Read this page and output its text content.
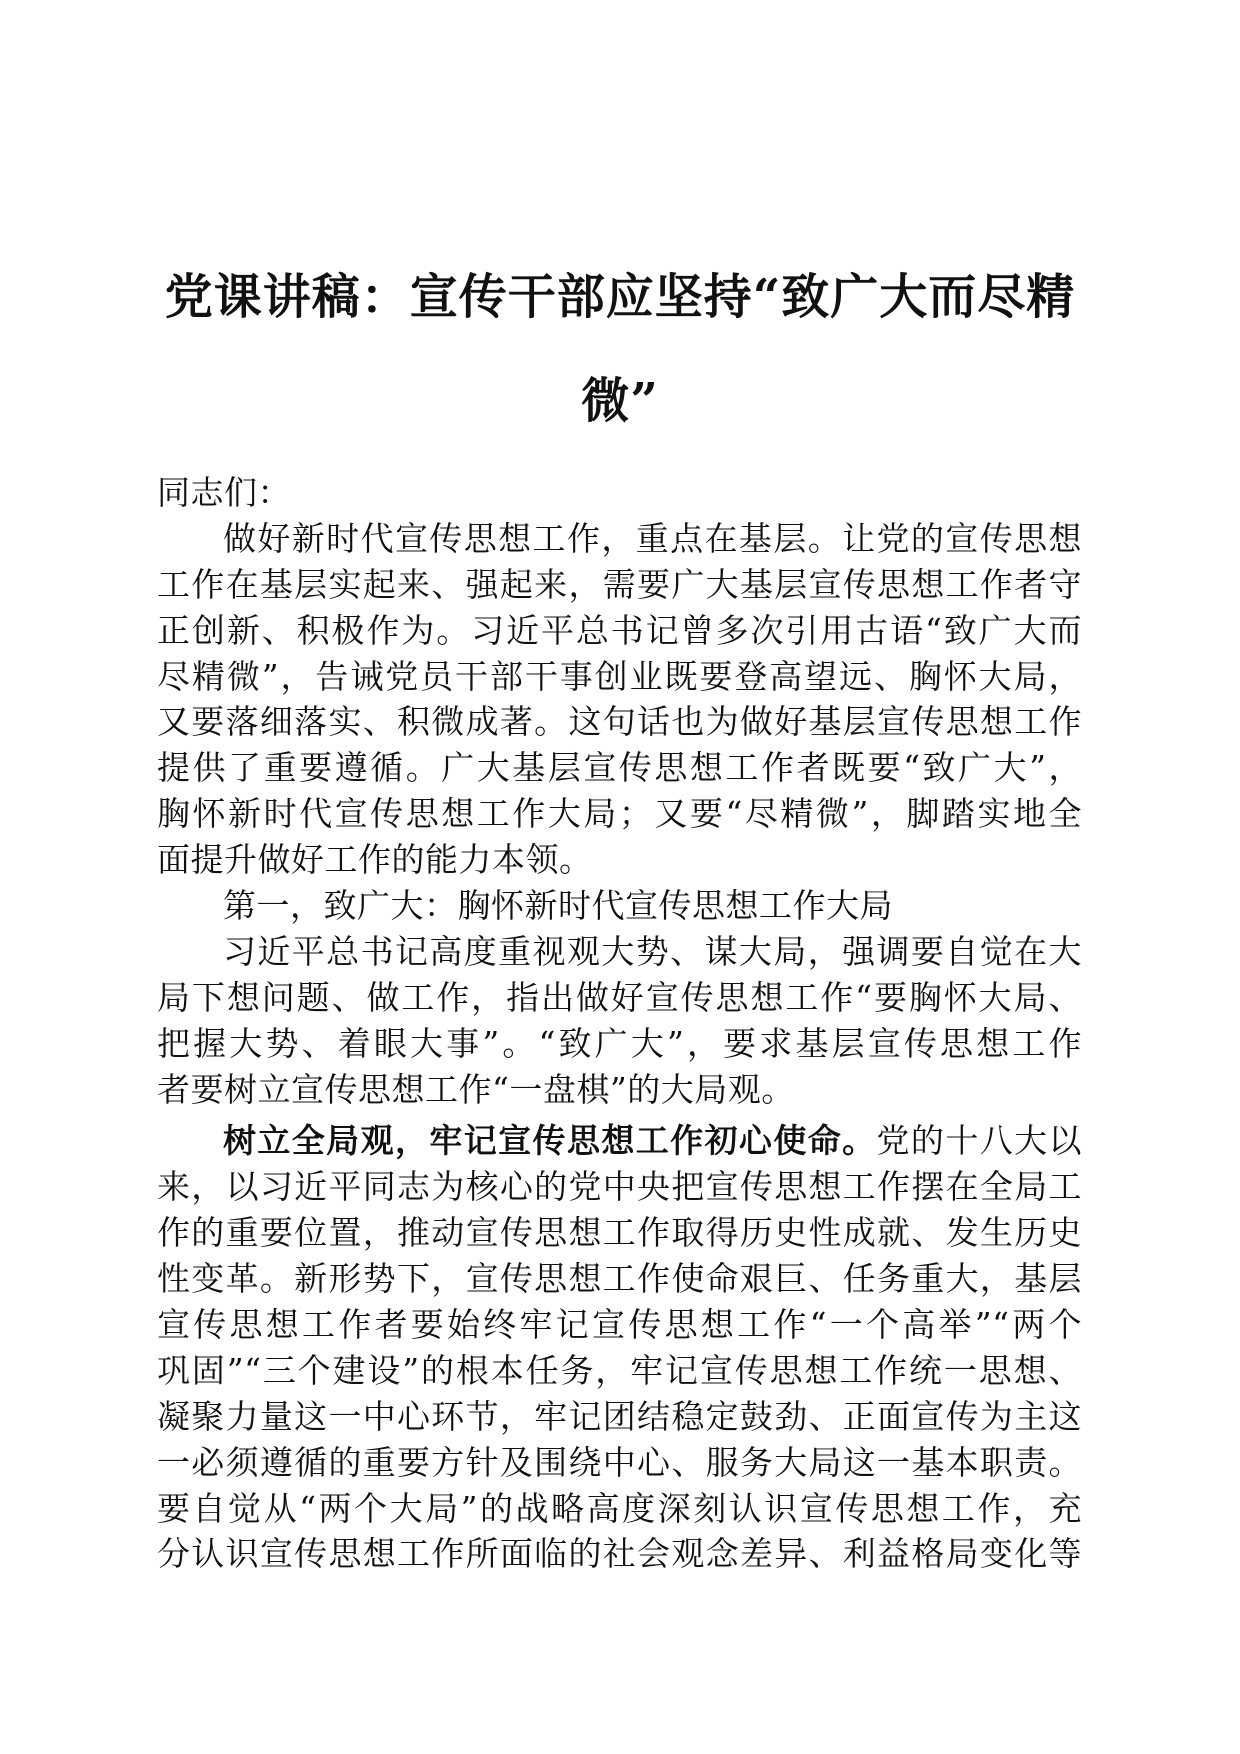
党课讲稿：宣传干部应坚持“致广大而尽精
微”
同志们：
做好新时代宣传思想工作，重点在基层。让党的宣传思想
工作在基层实起来、强起来，需要广大基层宣传思想工作者守
正创新、积极作为。习近平总书记曾多次引用古语“致广大而
尽精微”，告诫党员干部干事创业既要登高望远、胸怀大局，
又要落细落实、积微成著。这句话也为做好基层宣传思想工作
提供了重要遵循。广大基层宣传思想工作者既要“致广大”，
胸怀新时代宣传思想工作大局；又要“尽精微”，脚踏实地全
面提升做好工作的能力本领。
第一，致广大：胸怀新时代宣传思想工作大局
习近平总书记高度重视观大势、谋大局，强调要自觉在大
局下想问题、做工作，指出做好宣传思想工作“要胸怀大局、
把握大势、着眼大事”。“致广大”，要求基层宣传思想工作
者要树立宣传思想工作“一盘棋”的大局观。
树立全局观，牢记宣传思想工作初心使命。党的十八大以
来，以习近平同志为核心的党中央把宣传思想工作摆在全局工
作的重要位置，推动宣传思想工作取得历史性成就、发生历史
性变革。新形势下，宣传思想工作使命艰巨、任务重大，基层
宣传思想工作者要始终牢记宣传思想工作“一个高举”“两个
巩固”“三个建设”的根本任务，牢记宣传思想工作统一思想、
凝聚力量这一中心环节，牢记团结稳定鼓劲、正面宣传为主这
一必须遵循的重要方针及围绕中心、服务大局这一基本职责。
要自觉从“两个大局”的战略高度深刻认识宣传思想工作，充
分认识宣传思想工作所面临的社会观念差异、利益格局变化等
